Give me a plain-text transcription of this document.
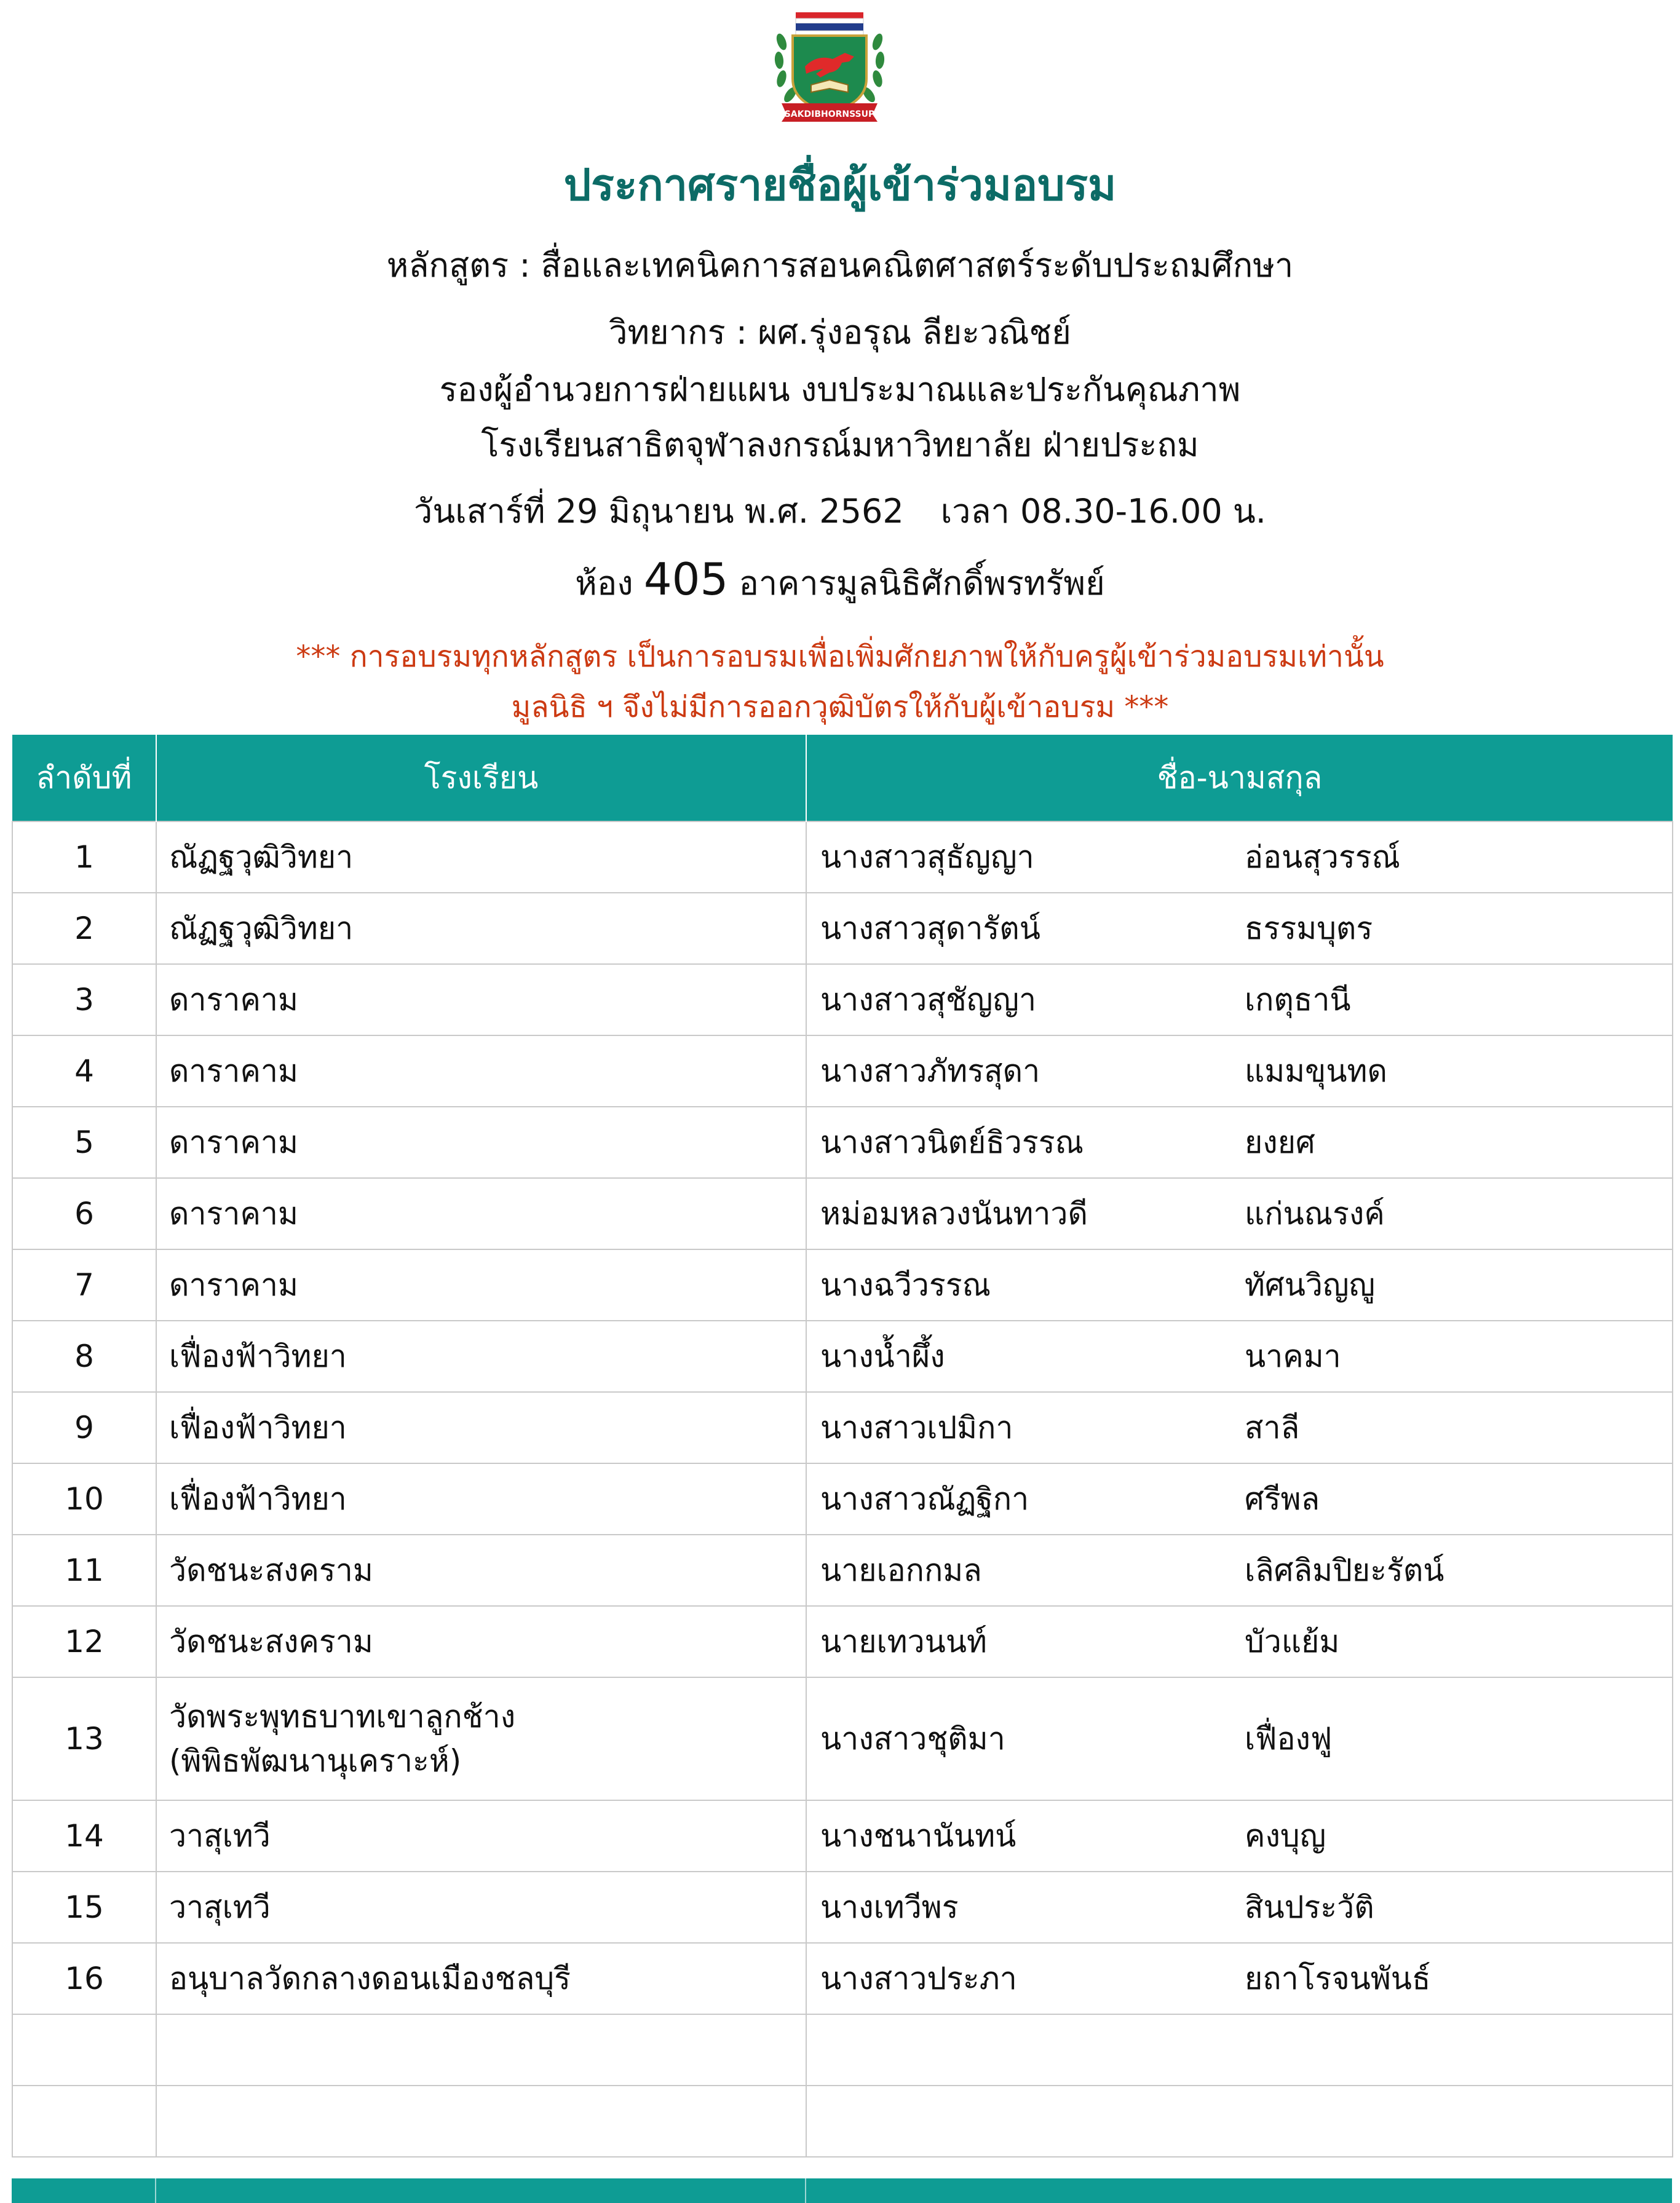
SAKDIBHORNSSUP
ประกาศรายชื่อผู้เข้าร่วมอบรม
หลักสูตร : สื่อและเทคนิคการสอนคณิตศาสตร์ระดับประถมศึกษา
วิทยากร : ผศ.รุ่งอรุณ ลียะวณิชย์
รองผู้อำนวยการฝ่ายแผน งบประมาณและประกันคุณภาพ
โรงเรียนสาธิตจุฬาลงกรณ์มหาวิทยาลัย ฝ่ายประถม
วันเสาร์ที่ 29 มิถุนายน พ.ศ. 2562 เวลา 08.30-16.00 น.
ห้อง 405 อาคารมูลนิธิศักดิ์พรทรัพย์
*** การอบรมทุกหลักสูตร เป็นการอบรมเพื่อเพิ่มศักยภาพให้กับครูผู้เข้าร่วมอบรมเท่านั้น
มูลนิธิ ฯ จึงไม่มีการออกวุฒิบัตรให้กับผู้เข้าอบรม ***
ลำดับที่	โรงเรียน	ชื่อ-นามสกุล
1	ณัฏฐวุฒิวิทยา	นางสาวสุธัญญา อ่อนสุวรรณ์
2	ณัฏฐวุฒิวิทยา	นางสาวสุดารัตน์ ธรรมบุตร
3	ดาราคาม	นางสาวสุชัญญา เกตุธานี
4	ดาราคาม	นางสาวภัทรสุดา แมมขุนทด
5	ดาราคาม	นางสาวนิตย์ธิวรรณ ยงยศ
6	ดาราคาม	หม่อมหลวงนันทาวดี แก่นณรงค์
7	ดาราคาม	นางฉวีวรรณ ทัศนวิญญู
8	เฟื่องฟ้าวิทยา	นางน้ำผึ้ง นาคมา
9	เฟื่องฟ้าวิทยา	นางสาวเปมิกา สาลี
10	เฟื่องฟ้าวิทยา	นางสาวณัฏฐิกา ศรีพล
11	วัดชนะสงคราม	นายเอกกมล เลิศลิมปิยะรัตน์
12	วัดชนะสงคราม	นายเทวนนท์ บัวแย้ม
13	วัดพระพุทธบาทเขาลูกช้าง
(พิพิธพัฒนานุเคราะห์)	นางสาวชุติมา เฟื่องฟู
14	วาสุเทวี	นางชนานันทน์ คงบุญ
15	วาสุเทวี	นางเทวีพร สินประวัติ
16	อนุบาลวัดกลางดอนเมืองชลบุรี	นางสาวประภา ยถาโรจนพันธ์
